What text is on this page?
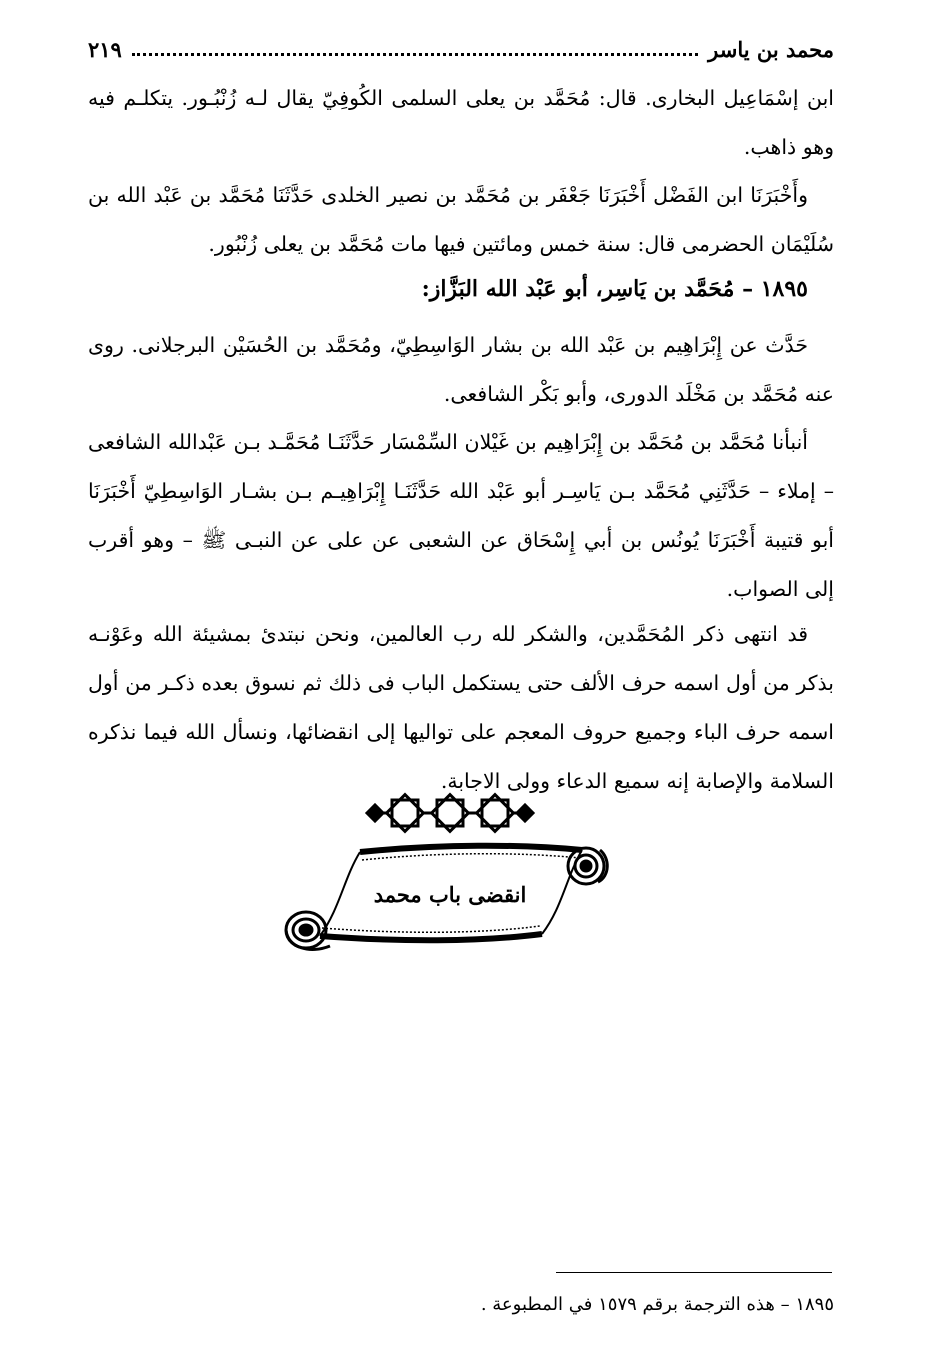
محمد بن ياسر
٢١٩

ابن إسْمَاعِيل البخارى. قال: مُحَمَّد بن يعلى السلمى الكُوفِيّ يقال لـه زُنْبُـور. يتكلـم فيه وهو ذاهب.

وأَخْبَرَنَا ابن الفَضْل أَخْبَرَنَا جَعْفَر بن مُحَمَّد بن نصير الخلدى حَدَّثَنَا مُحَمَّد بن عَبْد الله بن سُلَيْمَان الحضرمى قال: سنة خمس ومائتين فيها مات مُحَمَّد بن يعلى زُنْبُور.

١٨٩٥ – مُحَمَّد بن يَاسِر، أبو عَبْد الله البَزَّاز:

حَدَّث عن إِبْرَاهِيم بن عَبْد الله بن بشار الوَاسِطِيّ، ومُحَمَّد بن الحُسَيْن البرجلانى. روى عنه مُحَمَّد بن مَخْلَد الدورى، وأبو بَكْر الشافعى.

أنبأنا مُحَمَّد بن مُحَمَّد بن إِبْرَاهِيم بن غَيْلان السِّمْسَار حَدَّثَنَـا مُحَمَّـد بـن عَبْدالله الشافعى – إملاء – حَدَّثَنِي مُحَمَّد بـن يَاسِـر أبو عَبْد الله حَدَّثَنَـا إِبْرَاهِيـم بـن بشـار الوَاسِطِيّ أَخْبَرَنَا أبو قتيبة أَخْبَرَنَا يُونُس بن أبي إِسْحَاق عن الشعبى عن على عن النبـى ﷺ – وهو أقرب إلى الصواب.

قد انتهى ذكر المُحَمَّدين، والشكر لله رب العالمين، ونحن نبتدئ بمشيئة الله وعَوْنـه بذكر من أول اسمه حرف الألف حتى يستكمل الباب فى ذلك ثم نسوق بعده ذكـر من أول اسمه حرف الباء وجميع حروف المعجم على تواليها إلى انقضائها، ونسأل الله فيما نذكره السلامة والإصابة إنه سميع الدعاء وولى الاجابة.

انقضى باب محمد
١٨٩٥ – هذه الترجمة برقم ١٥٧٩ في المطبوعة .
